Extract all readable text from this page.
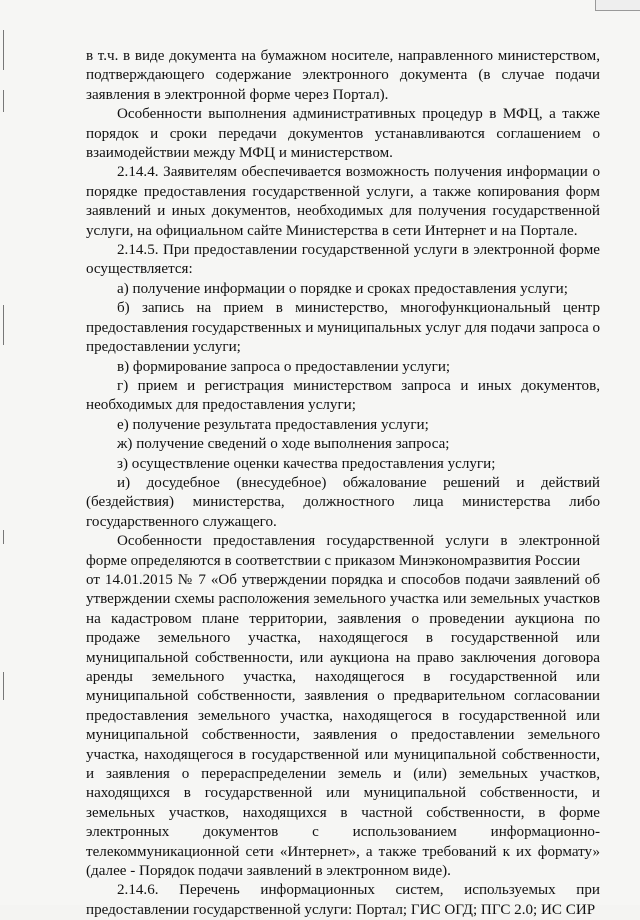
в т.ч. в виде документа на бумажном носителе, направленного министерством, подтверждающего содержание электронного документа (в случае подачи заявления в электронной форме через Портал).

Особенности выполнения административных процедур в МФЦ, а также порядок и сроки передачи документов устанавливаются соглашением о взаимодействии между МФЦ и министерством.

2.14.4. Заявителям обеспечивается возможность получения информации о порядке предоставления государственной услуги, а также копирования форм заявлений и иных документов, необходимых для получения государственной услуги, на официальном сайте Министерства в сети Интернет и на Портале.

2.14.5. При предоставлении государственной услуги в электронной форме осуществляется:

а) получение информации о порядке и сроках предоставления услуги;

б) запись на прием в министерство, многофункциональный центр предоставления государственных и муниципальных услуг для подачи запроса о предоставлении услуги;

в) формирование запроса о предоставлении услуги;

г) прием и регистрация министерством запроса и иных документов, необходимых для предоставления услуги;

е) получение результата предоставления услуги;

ж) получение сведений о ходе выполнения запроса;

з) осуществление оценки качества предоставления услуги;

и) досудебное (внесудебное) обжалование решений и действий (бездействия) министерства, должностного лица министерства либо государственного служащего.

Особенности предоставления государственной услуги в электронной форме определяются в соответствии с приказом Минэкономразвития России

от 14.01.2015 № 7 «Об утверждении порядка и способов подачи заявлений об утверждении схемы расположения земельного участка или земельных участков на кадастровом плане территории, заявления о проведении аукциона по продаже земельного участка, находящегося в государственной или муниципальной собственности, или аукциона на право заключения договора аренды земельного участка, находящегося в государственной или муниципальной собственности, заявления о предварительном согласовании предоставления земельного участка, находящегося в государственной или муниципальной собственности, заявления о предоставлении земельного участка, находящегося в государственной или муниципальной собственности, и заявления о перераспределении земель и (или) земельных участков, находящихся в государственной или муниципальной собственности, и земельных участков, находящихся в частной собственности, в форме электронных документов с использованием информационно-телекоммуникационной сети «Интернет», а также требований к их формату» (далее - Порядок подачи заявлений в электронном виде).

2.14.6. Перечень информационных систем, используемых при предоставлении государственной услуги: Портал; ГИС ОГД; ПГС 2.0; ИС СИР
